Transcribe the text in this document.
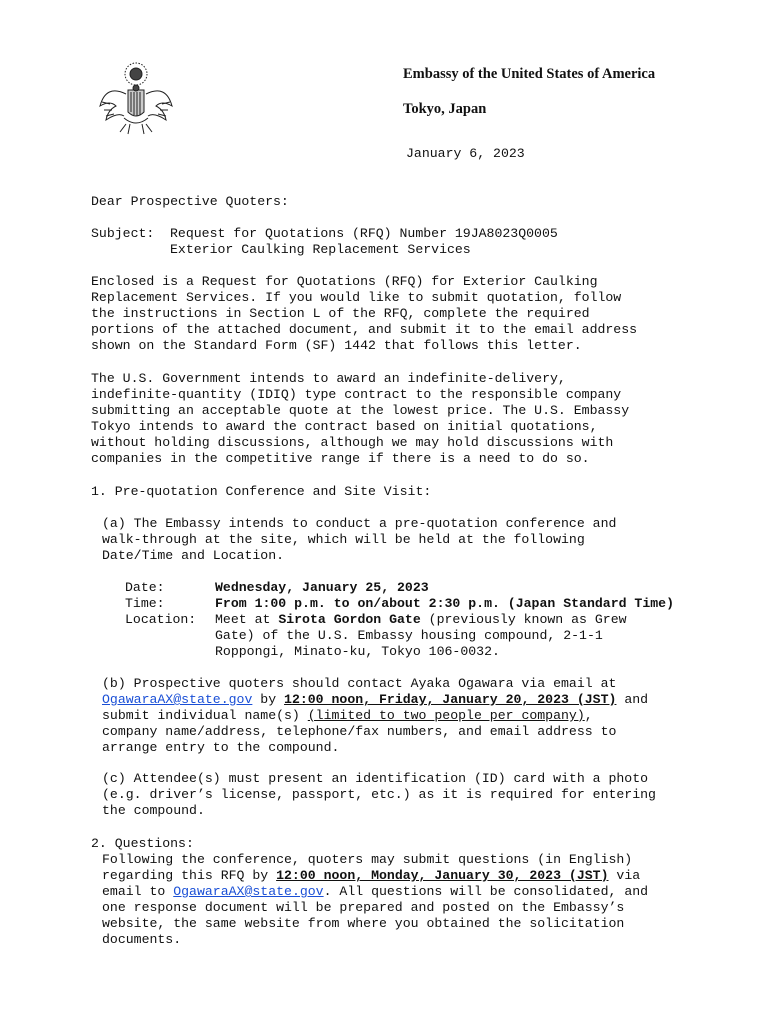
Embassy of the United States of America
Tokyo, Japan
January 6, 2023
Dear Prospective Quoters:
Subject: Request for Quotations (RFQ) Number 19JA8023Q0005
Exterior Caulking Replacement Services
Enclosed is a Request for Quotations (RFQ) for Exterior Caulking
Replacement Services. If you would like to submit quotation, follow
the instructions in Section L of the RFQ, complete the required
portions of the attached document, and submit it to the email address
shown on the Standard Form (SF) 1442 that follows this letter.
The U.S. Government intends to award an indefinite-delivery,
indefinite-quantity (IDIQ) type contract to the responsible company
submitting an acceptable quote at the lowest price. The U.S. Embassy
Tokyo intends to award the contract based on initial quotations,
without holding discussions, although we may hold discussions with
companies in the competitive range if there is a need to do so.
1. Pre-quotation Conference and Site Visit:
(a) The Embassy intends to conduct a pre-quotation conference and
walk-through at the site, which will be held at the following
Date/Time and Location.
Date:	Wednesday, January 25, 2023
Time:	From 1:00 p.m. to on/about 2:30 p.m. (Japan Standard Time)
Location: Meet at Sirota Gordon Gate (previously known as Grew
Gate) of the U.S. Embassy housing compound, 2-1-1
Roppongi, Minato-ku, Tokyo 106-0032.
(b) Prospective quoters should contact Ayaka Ogawara via email at
OgawaraAX@state.gov by 12:00 noon, Friday, January 20, 2023 (JST) and
submit individual name(s) (limited to two people per company),
company name/address, telephone/fax numbers, and email address to
arrange entry to the compound.
(c) Attendee(s) must present an identification (ID) card with a photo
(e.g. driver’s license, passport, etc.) as it is required for entering
the compound.
2. Questions:
Following the conference, quoters may submit questions (in English)
regarding this RFQ by 12:00 noon, Monday, January 30, 2023 (JST) via
email to OgawaraAX@state.gov. All questions will be consolidated, and
one response document will be prepared and posted on the Embassy’s
website, the same website from where you obtained the solicitation
documents.
